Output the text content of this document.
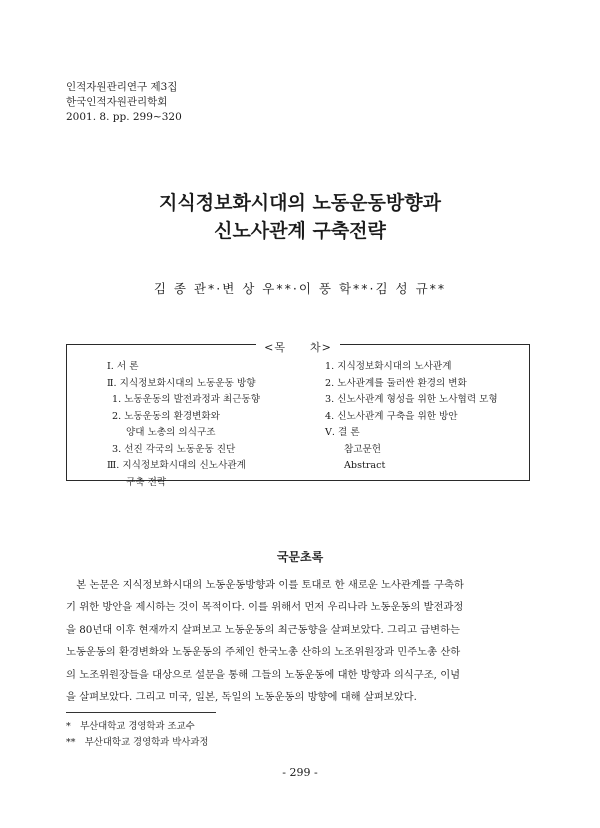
인적자원관리연구 제3집
한국인적자원관리학회
2001. 8. pp. 299∼320
지식정보화시대의 노동운동방향과
신노사관계 구축전략
김 종 관*·변 상 우**·이 풍 학**·김 성 규**
<목　　차>
Ⅰ. 서 론
Ⅱ. 지식정보화시대의 노동운동 방향
1. 노동운동의 발전과정과 최근동향
2. 노동운동의 환경변화와
양대 노총의 의식구조
3. 선진 각국의 노동운동 진단
Ⅲ. 지식정보화시대의 신노사관계
구축 전략
1. 지식정보화시대의 노사관계
2. 노사관계를 둘러싼 환경의 변화
3. 신노사관계 형성을 위한 노사협력 모형
4. 신노사관계 구축을 위한 방안
Ⅴ. 결 론
참고문헌
Abstract
국문초록
　본 논문은 지식정보화시대의 노동운동방향과 이를 토대로 한 새로운 노사관계를 구축하
기 위한 방안을 제시하는 것이 목적이다. 이를 위해서 먼저 우리나라 노동운동의 발전과정
을 80년대 이후 현재까지 살펴보고 노동운동의 최근동향을 살펴보았다. 그리고 급변하는
노동운동의 환경변화와 노동운동의 주체인 한국노총 산하의 노조위원장과 민주노총 산하
의 노조위원장들을 대상으로 설문을 통해 그들의 노동운동에 대한 방향과 의식구조, 이념
을 살펴보았다. 그리고 미국, 일본, 독일의 노동운동의 방향에 대해 살펴보았다.
*　부산대학교 경영학과 조교수
**　부산대학교 경영학과 박사과정
- 299 -
